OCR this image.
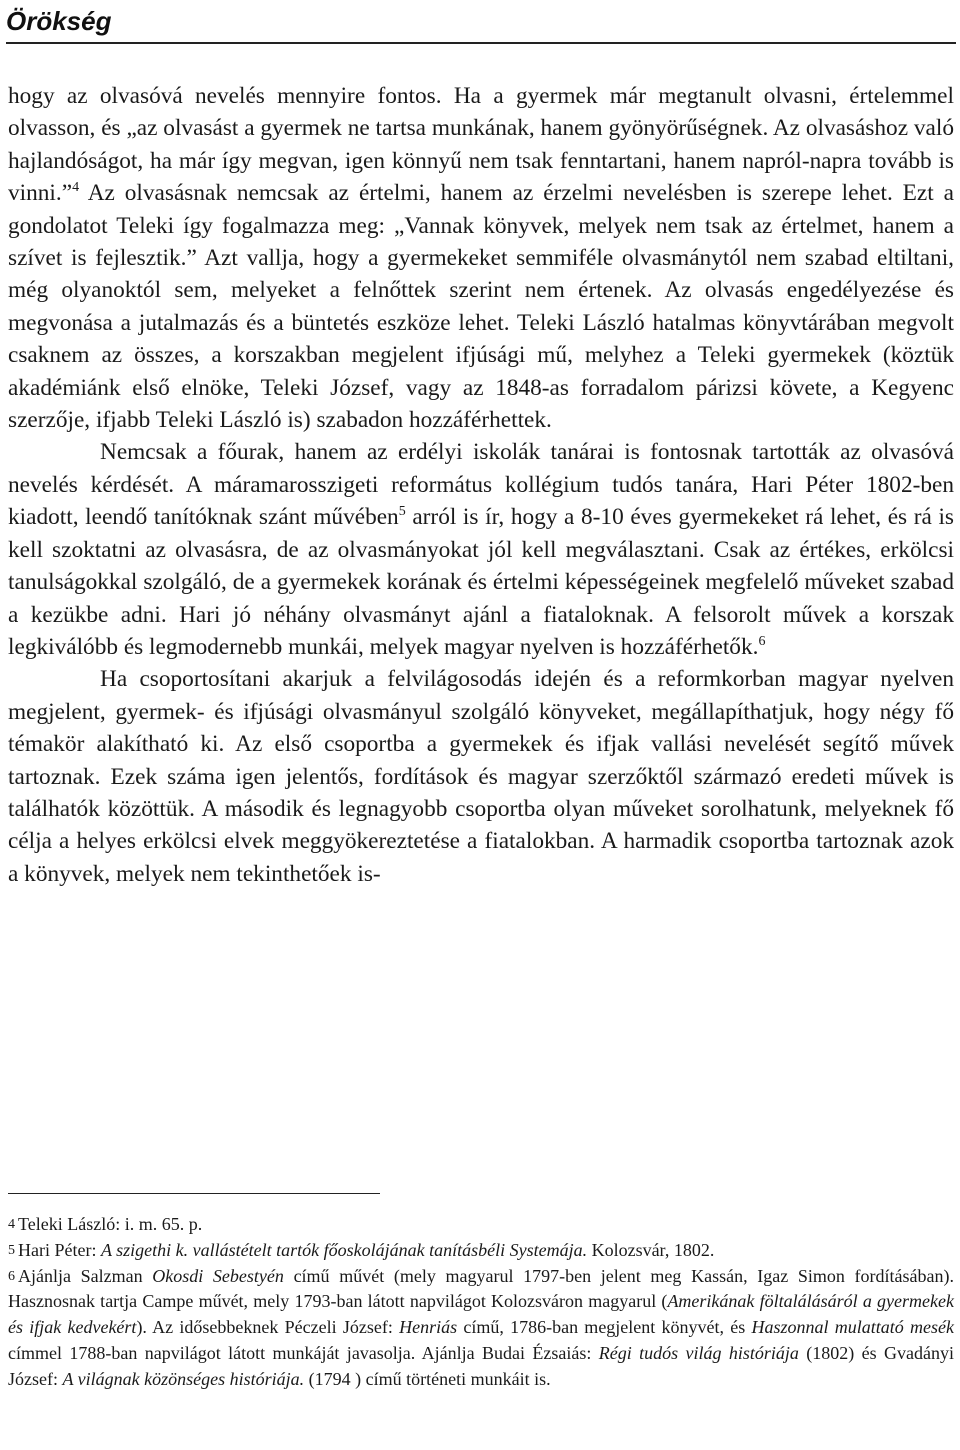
Örökség

hogy az olvasóvá nevelés mennyire fontos. Ha a gyermek már megtanult olvasni, értelemmel olvasson, és „az olvasást a gyermek ne tartsa munkának, hanem gyönyörűségnek. Az olvasáshoz való hajlandóságot, ha már így megvan, igen könnyű nem tsak fenntartani, hanem napról-napra tovább is vinni.”$^4$ Az olvasásnak nemcsak az értelmi, hanem az érzelmi nevelésben is szerepe lehet. Ezt a gondolatot Teleki így fogalmazza meg: „Vannak könyvek, melyek nem tsak az értelmet, hanem a szívet is fejlesztik.” Azt vallja, hogy a gyermekeket semmiféle olvasmánytól nem szabad eltiltani, még olyanoktól sem, melyeket a felnőttek szerint nem értenek. Az olvasás engedélyezése és megvonása a jutalmazás és a büntetés eszköze lehet. Teleki László hatalmas könyvtárában megvolt csaknem az összes, a korszakban megjelent ifjúsági mű, melyhez a Teleki gyermekek (köztük akadémiánk első elnöke, Teleki József, vagy az 1848-as forradalom párizsi követe, a Kegyenc szerzője, ifjabb Teleki László is) szabadon hozzáférhettek.

Nemcsak a főurak, hanem az erdélyi iskolák tanárai is fontosnak tartották az olvasóvá nevelés kérdését. A máramarosszigeti református kollégium tudós tanára, Hari Péter 1802-ben kiadott, leendő tanítóknak szánt művében$^5$ arról is ír, hogy a 8-10 éves gyermekeket rá lehet, és rá is kell szoktatni az olvasásra, de az olvasmányokat jól kell megválasztani. Csak az értékes, erkölcsi tanulságokkal szolgáló, de a gyermekek korának és értelmi képességeinek megfelelő műveket szabad a kezükbe adni. Hari jó néhány olvasmányt ajánl a fiataloknak. A felsorolt művek a korszak legkiválóbb és legmodernebb munkái, melyek magyar nyelven is hozzáférhetők.$^6$

Ha csoportosítani akarjuk a felvilágosodás idején és a reformkorban magyar nyelven megjelent, gyermek- és ifjúsági olvasmányul szolgáló könyveket, megállapíthatjuk, hogy négy fő témakör alakítható ki. Az első csoportba a gyermekek és ifjak vallási nevelését segítő művek tartoznak. Ezek száma igen jelentős, fordítások és magyar szerzőktől származó eredeti művek is találhatók közöttük. A második és legnagyobb csoportba olyan műveket sorolhatunk, melyeknek fő célja a helyes erkölcsi elvek meggyökereztetése a fiatalokban. A harmadik csoportba tartoznak azok a könyvek, melyek nem tekinthetőek is-

$^4$ Teleki László: i. m. 65. p.

$^5$ Hari Péter: A szigethi k. vallástételt tartók főoskolájának tanításbéli Systemája. Kolozsvár, 1802.

$^6$ Ajánlja Salzman Okosdi Sebestyén című művét (mely magyarul 1797-ben jelent meg Kassán, Igaz Simon fordításában). Hasznosnak tartja Campe művét, mely 1793-ban látott napvilágot Kolozsváron magyarul (Amerikának föltalálásáról a gyermekek és ifjak kedvekért). Az idősebbeknek Péczeli József: Henriás című, 1786-ban megjelent könyvét, és Haszonnal mulattató mesék címmel 1788-ban napvilágot látott munkáját javasolja. Ajánlja Budai Ézsaiás: Régi tudós világ históriája (1802) és Gvadányi József: A világnak közönséges históriája. (1794 ) című történeti munkáit is.
